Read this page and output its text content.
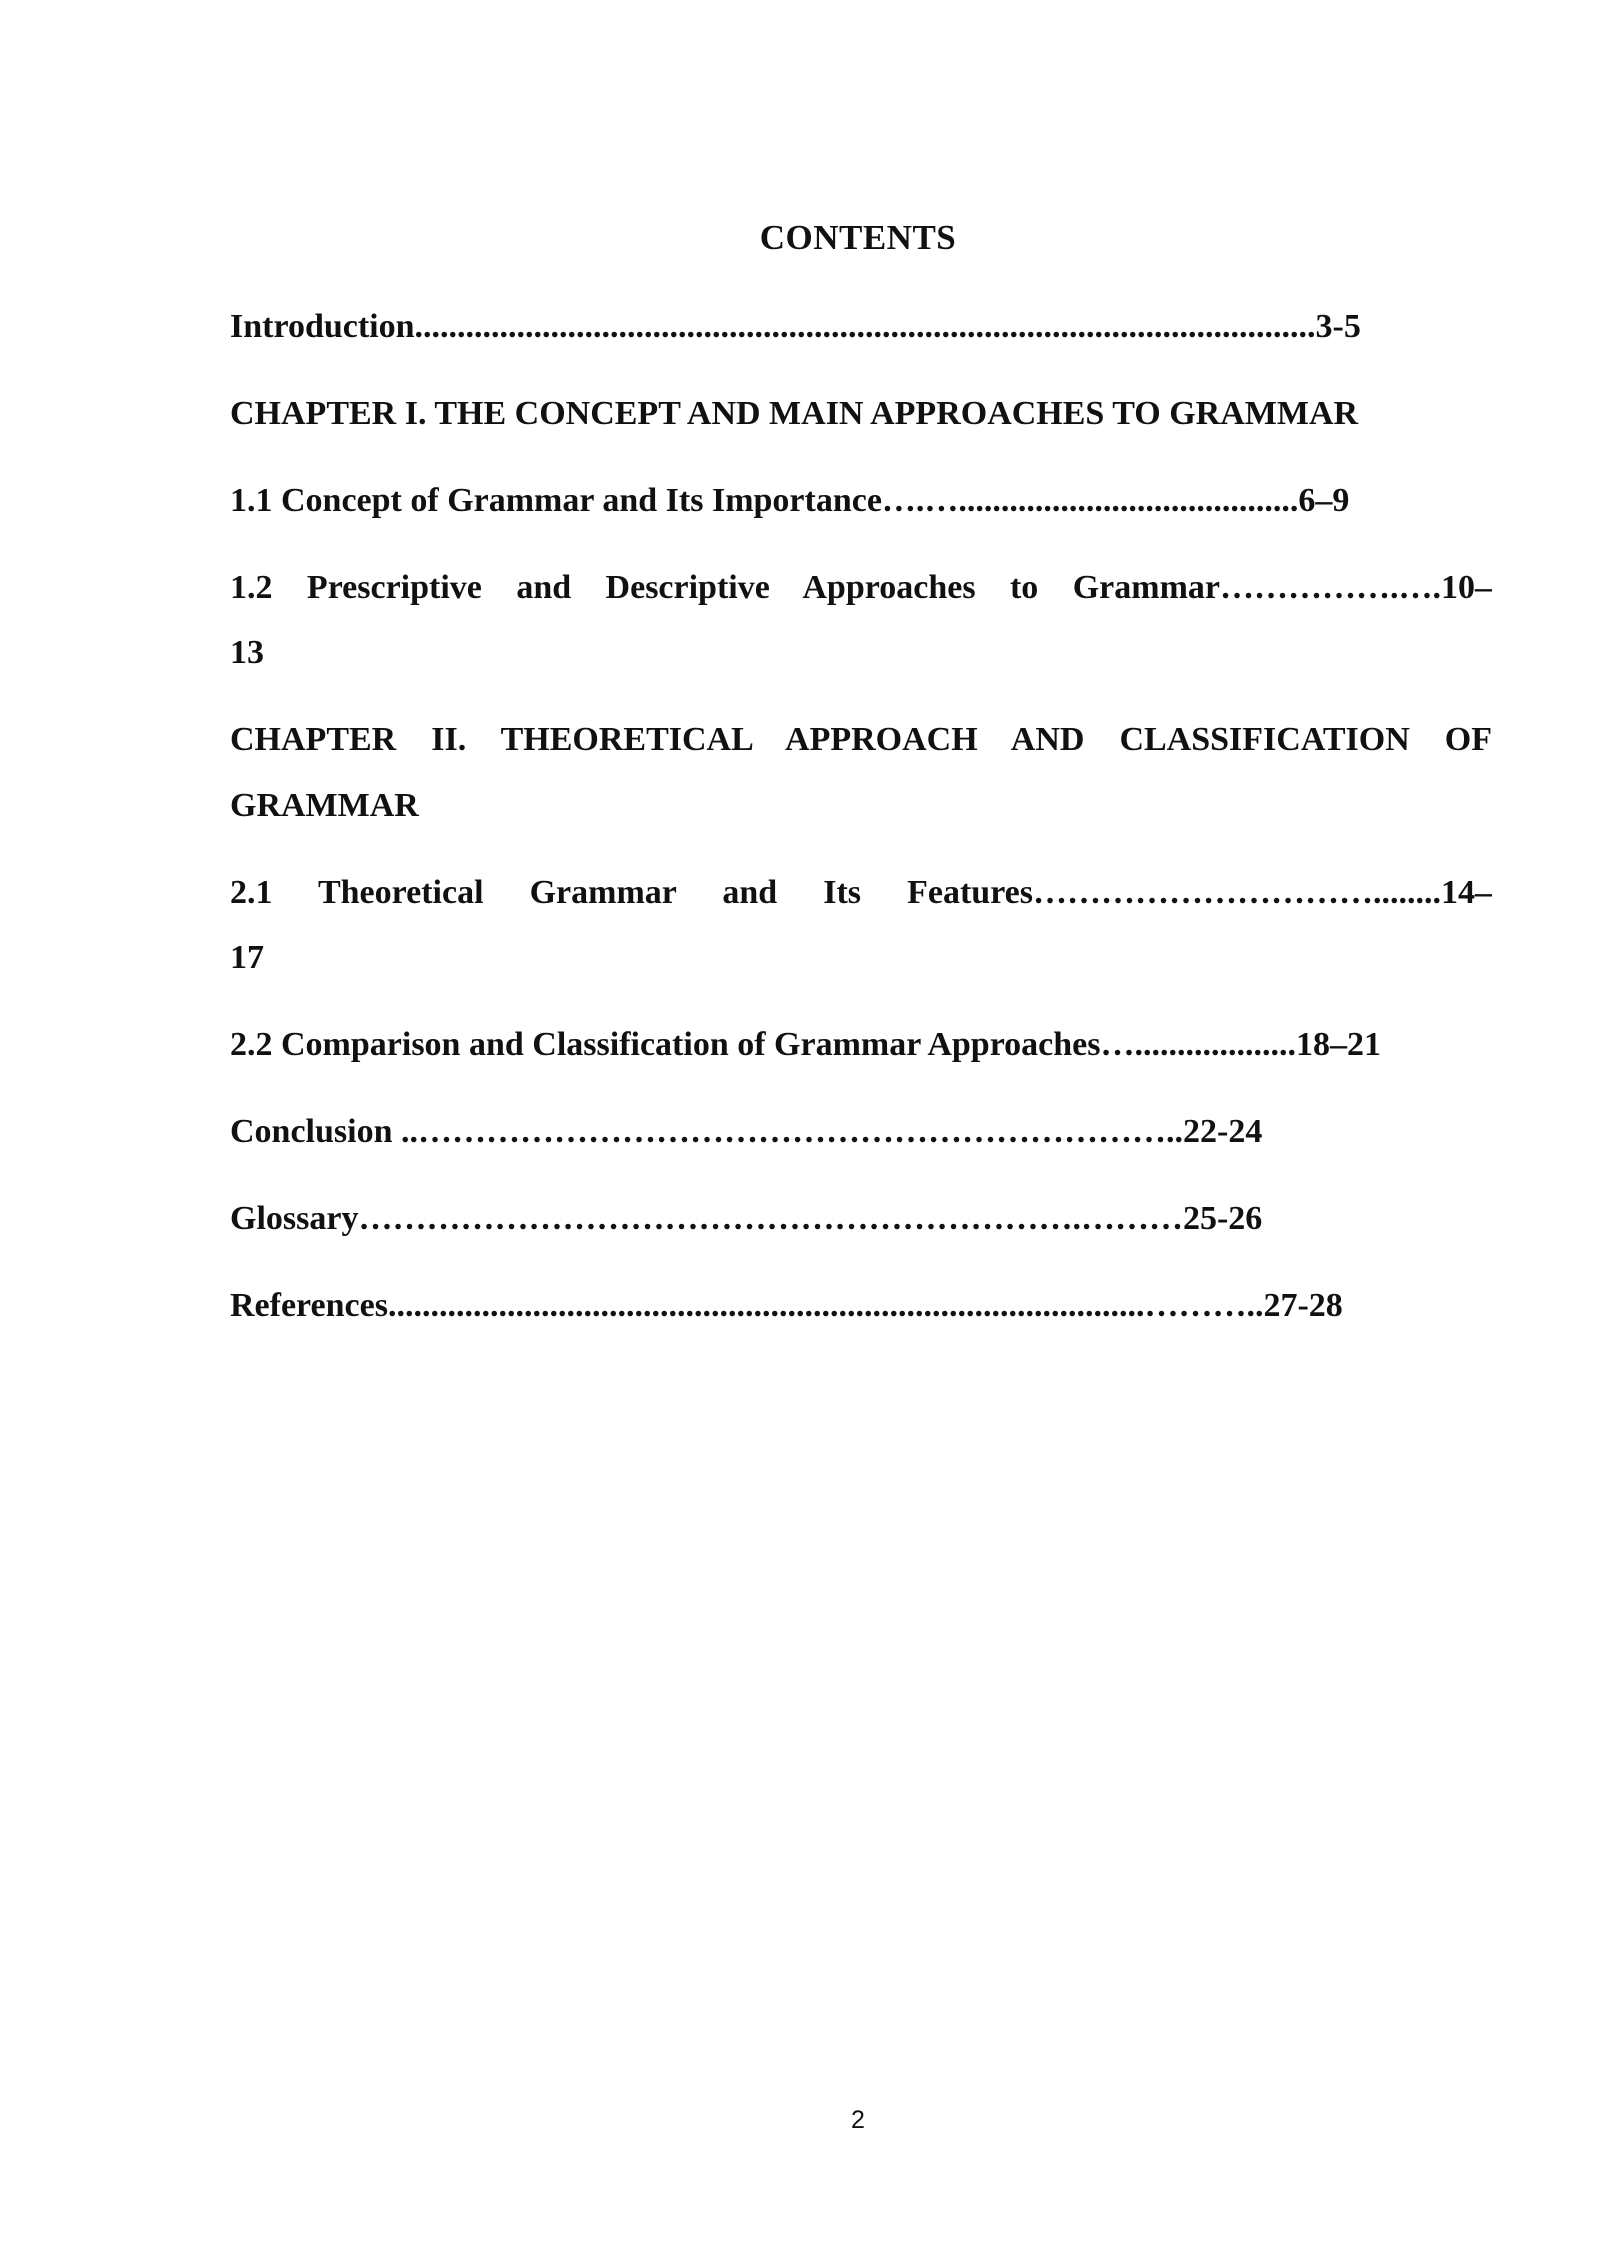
CONTENTS
Introduction..........................................................................................................3-5
CHAPTER I. THE CONCEPT AND MAIN APPROACHES TO GRAMMAR
1.1 Concept of Grammar and Its Importance….…........................................6–9
1.2 Prescriptive and Descriptive Approaches to Grammar…………….….10–
13
CHAPTER II. THEORETICAL APPROACH AND CLASSIFICATION OF
GRAMMAR
2.1 Theoretical Grammar and Its Features…………………………........14–
17
2.2 Comparison and Classification of Grammar Approaches…...................18–21
Conclusion ..…………………………………………………………..22-24
Glossary……………………………………………………….………25-26
References.........................................................................................………..27-28
2
